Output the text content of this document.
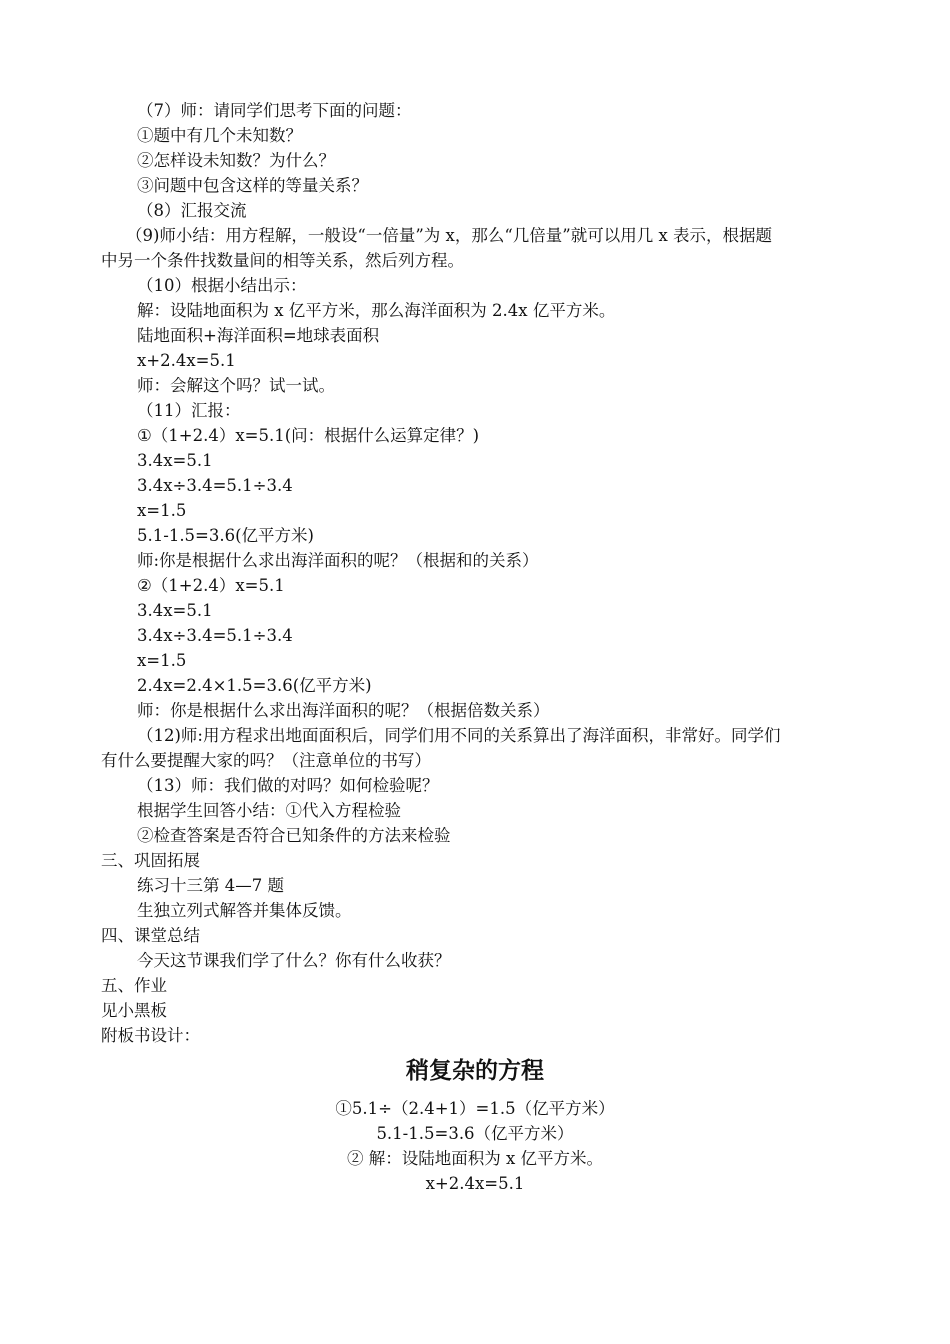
（7）师：请同学们思考下面的问题：
①题中有几个未知数？
②怎样设未知数？为什么？
③问题中包含这样的等量关系？
（8）汇报交流
（9)师小结：用方程解，一般设“一倍量”为 x，那么“几倍量”就可以用几 x 表示，根据题
中另一个条件找数量间的相等关系，然后列方程。
（10）根据小结出示：
解：设陆地面积为 x 亿平方米，那么海洋面积为 2.4x 亿平方米。
陆地面积+海洋面积=地球表面积
x+2.4x=5.1
师：会解这个吗？试一试。
（11）汇报：
①（1+2.4）x=5.1(问：根据什么运算定律？)
3.4x=5.1
3.4x÷3.4=5.1÷3.4
x=1.5
5.1-1.5=3.6(亿平方米)
师:你是根据什么求出海洋面积的呢？（根据和的关系）
②（1+2.4）x=5.1
3.4x=5.1
3.4x÷3.4=5.1÷3.4
x=1.5
2.4x=2.4×1.5=3.6(亿平方米)
师：你是根据什么求出海洋面积的呢？（根据倍数关系）
（12)师:用方程求出地面面积后，同学们用不同的关系算出了海洋面积，非常好。同学们
有什么要提醒大家的吗？（注意单位的书写）
（13）师：我们做的对吗？如何检验呢？
根据学生回答小结：①代入方程检验
②检查答案是否符合已知条件的方法来检验
三、巩固拓展
练习十三第 4—7 题
生独立列式解答并集体反馈。
四、课堂总结
今天这节课我们学了什么？你有什么收获？
五、作业
见小黑板
附板书设计：
稍复杂的方程
①5.1÷（2.4+1）=1.5（亿平方米）
5.1-1.5=3.6（亿平方米）
② 解：设陆地面积为 x 亿平方米。
x+2.4x=5.1
